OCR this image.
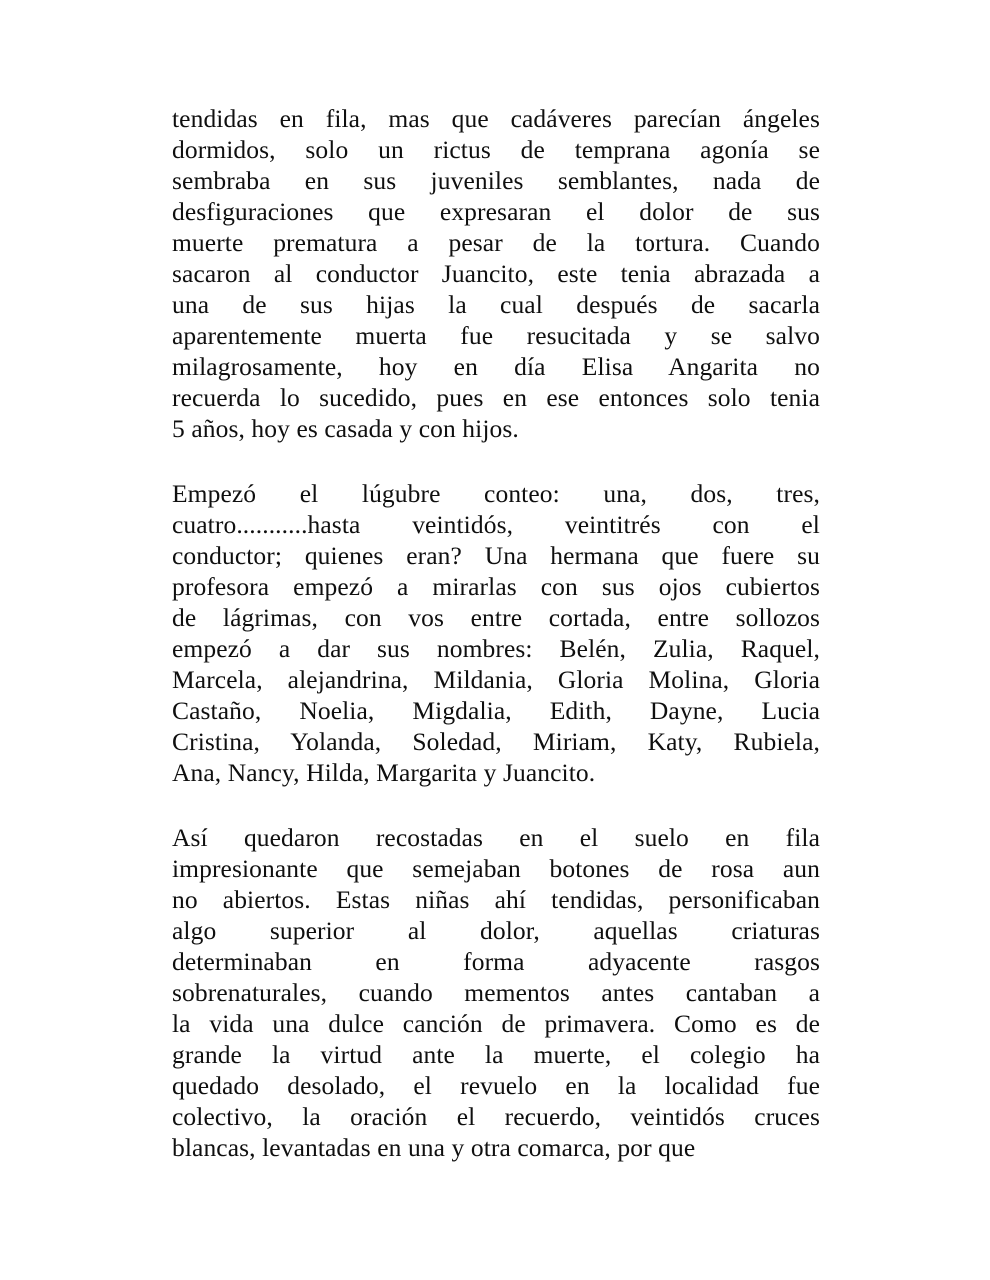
tendidas en fila, mas que cadáveres parecían ángeles
dormidos, solo un rictus de temprana agonía se
sembraba en sus juveniles semblantes, nada de
desfiguraciones que expresaran el dolor de sus
muerte prematura a pesar de la tortura. Cuando
sacaron al conductor Juancito, este tenia abrazada a
una de sus hijas la cual después de sacarla
aparentemente muerta fue resucitada y se salvo
milagrosamente, hoy en día Elisa Angarita no
recuerda lo sucedido, pues en ese entonces solo tenia
5 años, hoy es casada y con hijos.
Empezó el lúgubre conteo: una, dos, tres,
cuatro...........hasta veintidós, veintitrés con el
conductor; quienes eran? Una hermana que fuere su
profesora empezó a mirarlas con sus ojos cubiertos
de lágrimas, con vos entre cortada, entre sollozos
empezó a dar sus nombres: Belén, Zulia, Raquel,
Marcela, alejandrina, Mildania, Gloria Molina, Gloria
Castaño, Noelia, Migdalia, Edith, Dayne, Lucia
Cristina, Yolanda, Soledad, Miriam, Katy, Rubiela,
Ana, Nancy, Hilda, Margarita y Juancito.
Así quedaron recostadas en el suelo en fila
impresionante que semejaban botones de rosa aun
no abiertos. Estas niñas ahí tendidas, personificaban
algo superior al dolor, aquellas criaturas
determinaban en forma adyacente rasgos
sobrenaturales, cuando mementos antes cantaban a
la vida una dulce canción de primavera. Como es de
grande la virtud ante la muerte, el colegio ha
quedado desolado, el revuelo en la localidad fue
colectivo, la oración el recuerdo, veintidós cruces
blancas, levantadas en una y otra comarca, por que
